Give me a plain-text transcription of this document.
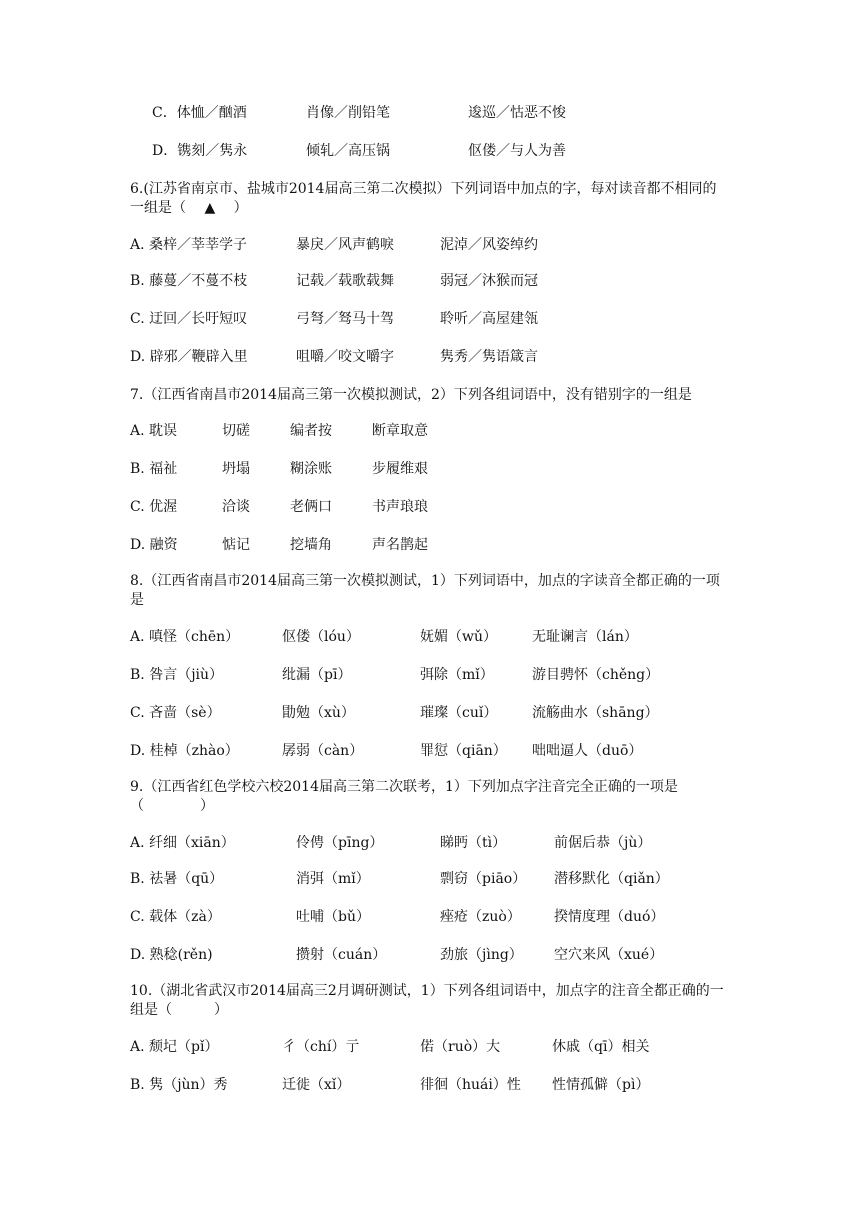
C．体恤／酗酒	肖像／削铅笔	逡巡／怙恶不悛
D．镌刻／隽永	倾轧／高压锅	伛偻／与人为善
6.(江苏省南京市、盐城市2014届高三第二次模拟）下列词语中加点的字，每对读音都不相同的一组是（　 ▲ 　）
A. 桑梓／莘莘学子	暴戾／风声鹤唳	泥淖／风姿绰约
B. 藤蔓／不蔓不枝	记载／载歌载舞	弱冠／沐猴而冠
C. 迂回／长吁短叹	弓弩／驽马十驾	聆听／高屋建瓴
D. 辟邪／鞭辟入里	咀嚼／咬文嚼字	隽秀／隽语箴言
7.（江西省南昌市2014届高三第一次模拟测试，2）下列各组词语中，没有错别字的一组是
A. 耽误	切磋	编者按	断章取意
B. 福祉	坍塌	糊涂账	步履维艰
C. 优渥	洽谈	老俩口	书声琅琅
D. 融资	惦记	挖墙角	声名鹊起
8.（江西省南昌市2014届高三第一次模拟测试，1）下列词语中，加点的字读音全都正确的一项是
A. 嗔怪（chēn）	伛偻（lóu）	妩媚（wǔ）	无耻谰言（lán）
B. 咎言（jiù）	纰漏（pī）	弭除（mǐ）	游目骋怀（chěng）
C. 吝啬（sè）	勖勉（xù）	璀璨（cuǐ） 流觞曲水（shāng）
D. 桂棹（zhào）	孱弱（càn）	罪愆（qiān） 咄咄逼人（duō）
9.（江西省红色学校六校2014届高三第二次联考，1）下列加点字注音完全正确的一项是（　　　　）
A. 纤细（xiān）	伶俜（pīng）	睇眄（tì）	前倨后恭（jù）
B. 祛暑（qū）	消弭（mǐ）	剽窃（piāo） 潜移默化（qiǎn）
C. 载体（zà）	吐哺（bǔ）	痤疮（zuò） 揆情度理（duó）
D. 熟稔(rěn)	攒射（cuán）	劲旅（jìng） 空穴来风（xué）
10.（湖北省武汉市2014届高三2月调研测试，1）下列各组词语中，加点字的注音全都正确的一组是（　　　）
A. 颓圮（pǐ）	彳（chí）亍	偌（ruò）大	休戚（qī）相关
B. 隽（jùn）秀	迁徙（xǐ）	徘徊（huái）性 性情孤僻（pì）
